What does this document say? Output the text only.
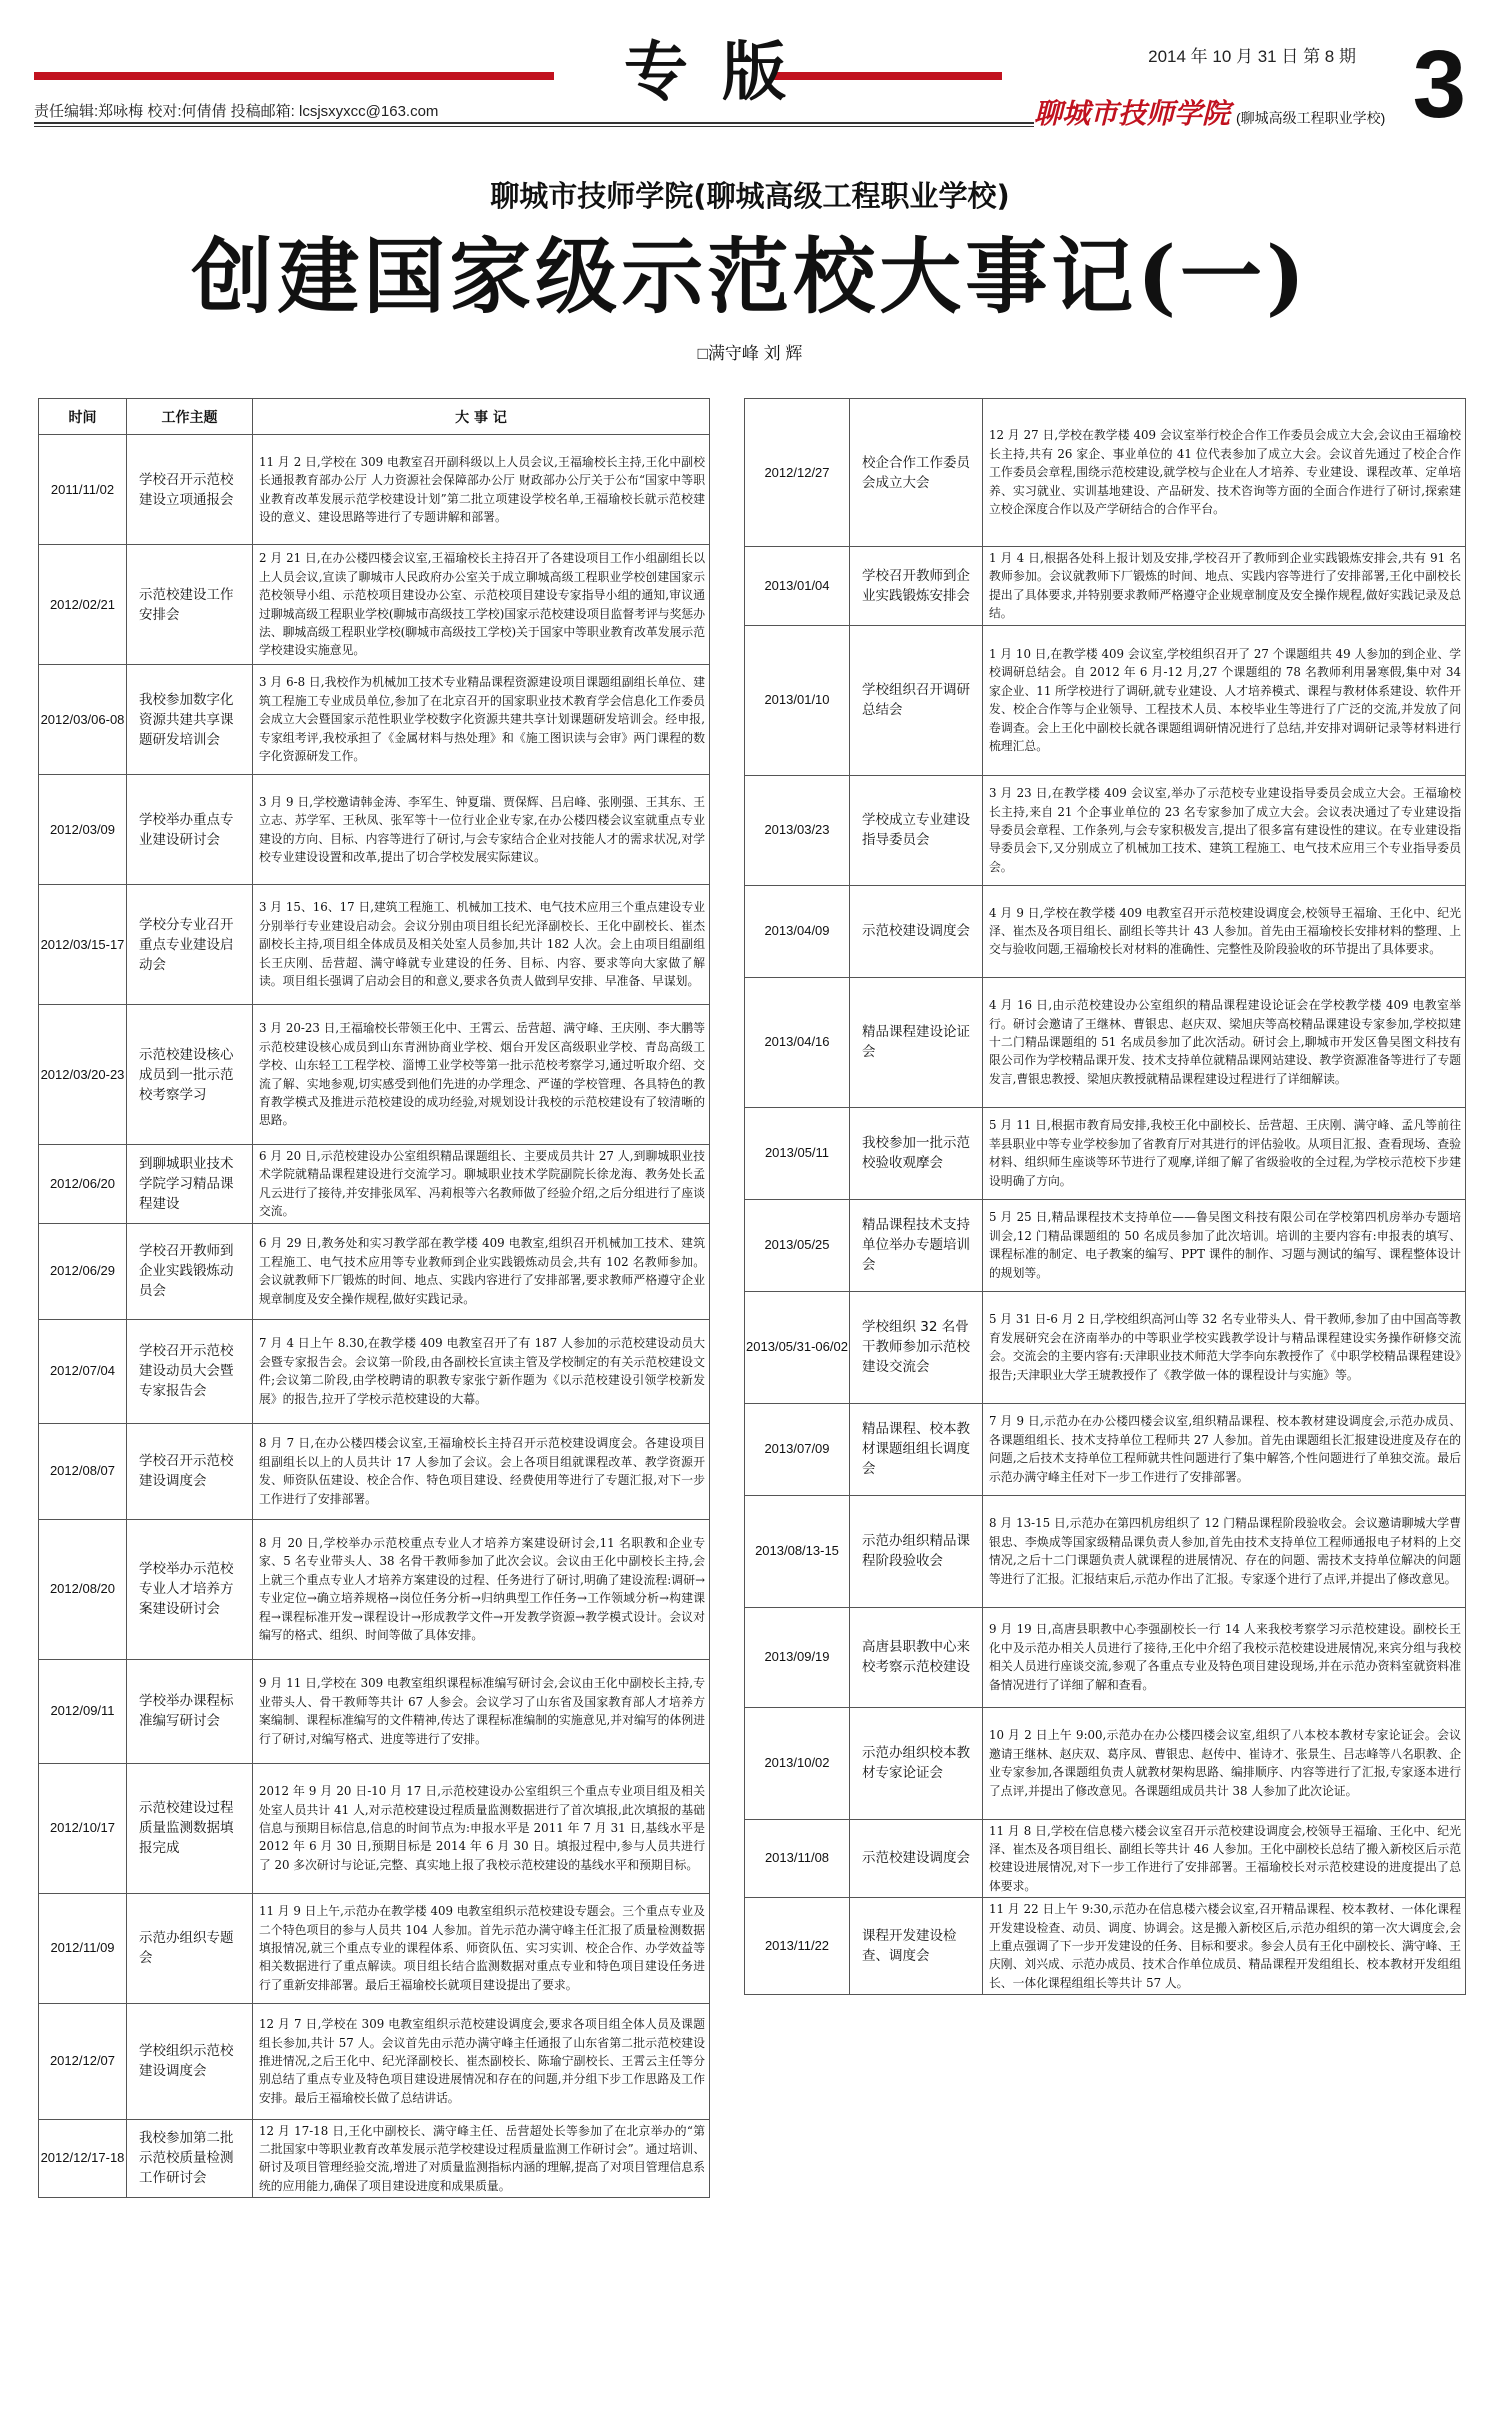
责任编辑:郑咏梅 校对:何倩倩 投稿邮箱: lcsjsxyxcc@163.com
专版	2014 年 10 月 31 日 第 8 期 3
聊城市技师学院 (聊城高级工程职业学校)
聊城市技师学院(聊城高级工程职业学校)
创建国家级示范校大事记(一)
□满守峰 刘 辉
时间	工作主题	大 事 记
2011/11/02	学校召开示范校建设立项通报会	11 月 2 日,学校在 309 电教室召开副科级以上人员会议,王福瑜校长主持,王化中副校长通报教育部办公厅 人力资源社会保障部办公厅 财政部办公厅关于公布“国家中等职业教育改革发展示范学校建设计划”第二批立项建设学校名单,王福瑜校长就示范校建设的意义、建设思路等进行了专题讲解和部署。
2012/02/21	示范校建设工作安排会	2 月 21 日,在办公楼四楼会议室,王福瑜校长主持召开了各建设项目工作小组副组长以上人员会议,宣读了聊城市人民政府办公室关于成立聊城高级工程职业学校创建国家示范校领导小组、示范校项目建设办公室、示范校项目建设专家指导小组的通知,审议通过聊城高级工程职业学校(聊城市高级技工学校)国家示范校建设项目监督考评与奖惩办法、聊城高级工程职业学校(聊城市高级技工学校)关于国家中等职业教育改革发展示范学校建设实施意见。
2012/03/06-08	我校参加数字化资源共建共享课题研发培训会	3 月 6-8 日,我校作为机械加工技术专业精品课程资源建设项目课题组副组长单位、建筑工程施工专业成员单位,参加了在北京召开的国家职业技术教育学会信息化工作委员会成立大会暨国家示范性职业学校数字化资源共建共享计划课题研发培训会。经申报,专家组考评,我校承担了《金属材料与热处理》和《施工图识读与会审》两门课程的数字化资源研发工作。
2012/03/09	学校举办重点专业建设研讨会	3 月 9 日,学校邀请韩金涛、李军生、钟夏瑞、贾保辉、吕启峰、张刚强、王其东、王立志、苏学军、王秋凤、张军等十一位行业企业专家,在办公楼四楼会议室就重点专业建设的方向、目标、内容等进行了研讨,与会专家结合企业对技能人才的需求状况,对学校专业建设设置和改革,提出了切合学校发展实际建议。
2012/03/15-17	学校分专业召开重点专业建设启动会	3 月 15、16、17 日,建筑工程施工、机械加工技术、电气技术应用三个重点建设专业分别举行专业建设启动会。会议分别由项目组长纪光泽副校长、王化中副校长、崔杰副校长主持,项目组全体成员及相关处室人员参加,共计 182 人次。会上由项目组副组长王庆刚、岳营超、满守峰就专业建设的任务、目标、内容、要求等向大家做了解读。项目组长强调了启动会目的和意义,要求各负责人做到早安排、早准备、早谋划。
2012/03/20-23	示范校建设核心成员到一批示范校考察学习	3 月 20-23 日,王福瑜校长带领王化中、王霄云、岳营超、满守峰、王庆刚、李大鹏等示范校建设核心成员到山东青洲协商业学校、烟台开发区高级职业学校、青岛高级工学校、山东轻工工程学校、淄博工业学校等第一批示范校考察学习,通过听取介绍、交流了解、实地参观,切实感受到他们先进的办学理念、严谨的学校管理、各具特色的教育教学模式及推进示范校建设的成功经验,对规划设计我校的示范校建设有了较清晰的思路。
2012/06/20	到聊城职业技术学院学习精品课程建设	6 月 20 日,示范校建设办公室组织精品课题组长、主要成员共计 27 人,到聊城职业技术学院就精品课程建设进行交流学习。聊城职业技术学院副院长徐龙海、教务处长孟凡云进行了接待,并安排张凤军、冯莉根等六名教师做了经验介绍,之后分组进行了座谈交流。
2012/06/29	学校召开教师到企业实践锻炼动员会	6 月 29 日,教务处和实习教学部在教学楼 409 电教室,组织召开机械加工技术、建筑工程施工、电气技术应用等专业教师到企业实践锻炼动员会,共有 102 名教师参加。会议就教师下厂锻炼的时间、地点、实践内容进行了安排部署,要求教师严格遵守企业规章制度及安全操作规程,做好实践记录。
2012/07/04	学校召开示范校建设动员大会暨专家报告会	7 月 4 日上午 8.30,在教学楼 409 电教室召开了有 187 人参加的示范校建设动员大会暨专家报告会。会议第一阶段,由各副校长宣读主管及学校制定的有关示范校建设文件;会议第二阶段,由学校聘请的职教专家张宁新作题为《以示范校建设引领学校新发展》的报告,拉开了学校示范校建设的大幕。
2012/08/07	学校召开示范校建设调度会	8 月 7 日,在办公楼四楼会议室,王福瑜校长主持召开示范校建设调度会。各建设项目组副组长以上的人员共计 17 人参加了会议。会上各项目组就课程改革、教学资源开发、师资队伍建设、校企合作、特色项目建设、经费使用等进行了专题汇报,对下一步工作进行了安排部署。
2012/08/20	学校举办示范校专业人才培养方案建设研讨会	8 月 20 日,学校举办示范校重点专业人才培养方案建设研讨会,11 名职教和企业专家、5 名专业带头人、38 名骨干教师参加了此次会议。会议由王化中副校长主持,会上就三个重点专业人才培养方案建设的过程、任务进行了研讨,明确了建设流程:调研→专业定位→确立培养规格→岗位任务分析→归纳典型工作任务→工作领域分析→构建课程→课程标准开发→课程设计→形成教学文件→开发教学资源→教学模式设计。会议对编写的格式、组织、时间等做了具体安排。
2012/09/11	学校举办课程标准编写研讨会	9 月 11 日,学校在 309 电教室组织课程标准编写研讨会,会议由王化中副校长主持,专业带头人、骨干教师等共计 67 人参会。会议学习了山东省及国家教育部人才培养方案编制、课程标准编写的文件精神,传达了课程标准编制的实施意见,并对编写的体例进行了研讨,对编写格式、进度等进行了安排。
2012/10/17	示范校建设过程质量监测数据填报完成	2012 年 9 月 20 日-10 月 17 日,示范校建设办公室组织三个重点专业项目组及相关处室人员共计 41 人,对示范校建设过程质量监测数据进行了首次填报,此次填报的基础信息与预期目标信息,信息的时间节点为:申报水平是 2011 年 7 月 31 日,基线水平是 2012 年 6 月 30 日,预期目标是 2014 年 6 月 30 日。填报过程中,参与人员共进行了 20 多次研讨与论证,完整、真实地上报了我校示范校建设的基线水平和预期目标。
2012/11/09	示范办组织专题会	11 月 9 日上午,示范办在教学楼 409 电教室组织示范校建设专题会。三个重点专业及二个特色项目的参与人员共 104 人参加。首先示范办满守峰主任汇报了质量检测数据填报情况,就三个重点专业的课程体系、师资队伍、实习实训、校企合作、办学效益等相关数据进行了重点解读。项目组长结合监测数据对重点专业和特色项目建设任务进行了重新安排部署。最后王福瑜校长就项目建设提出了要求。
2012/12/07	学校组织示范校建设调度会	12 月 7 日,学校在 309 电教室组织示范校建设调度会,要求各项目组全体人员及课题组长参加,共计 57 人。会议首先由示范办满守峰主任通报了山东省第二批示范校建设推进情况,之后王化中、纪光泽副校长、崔杰副校长、陈瑜宁副校长、王霄云主任等分别总结了重点专业及特色项目建设进展情况和存在的问题,并分组下步工作思路及工作安排。最后王福瑜校长做了总结讲话。
2012/12/17-18	我校参加第二批示范校质量检测工作研讨会	12 月 17-18 日,王化中副校长、满守峰主任、岳营超处长等参加了在北京举办的“第二批国家中等职业教育改革发展示范学校建设过程质量监测工作研讨会”。通过培训、研讨及项目管理经验交流,增进了对质量监测指标内涵的理解,提高了对项目管理信息系统的应用能力,确保了项目建设进度和成果质量。
2012/12/27	校企合作工作委员会成立大会	12 月 27 日,学校在教学楼 409 会议室举行校企合作工作委员会成立大会,会议由王福瑜校长主持,共有 26 家企、事业单位的 41 位代表参加了成立大会。会议首先通过了校企合作工作委员会章程,围绕示范校建设,就学校与企业在人才培养、专业建设、课程改革、定单培养、实习就业、实训基地建设、产品研发、技术咨询等方面的全面合作进行了研讨,探索建立校企深度合作以及产学研结合的合作平台。
2013/01/04	学校召开教师到企业实践锻炼安排会	1 月 4 日,根据各处科上报计划及安排,学校召开了教师到企业实践锻炼安排会,共有 91 名教师参加。会议就教师下厂锻炼的时间、地点、实践内容等进行了安排部署,王化中副校长提出了具体要求,并特别要求教师严格遵守企业规章制度及安全操作规程,做好实践记录及总结。
2013/01/10	学校组织召开调研总结会	1 月 10 日,在教学楼 409 会议室,学校组织召开了 27 个课题组共 49 人参加的到企业、学校调研总结会。自 2012 年 6 月-12 月,27 个课题组的 78 名教师利用暑寒假,集中对 34 家企业、11 所学校进行了调研,就专业建设、人才培养模式、课程与教材体系建设、软件开发、校企合作等与企业领导、工程技术人员、本校毕业生等进行了广泛的交流,并发放了问卷调查。会上王化中副校长就各课题组调研情况进行了总结,并安排对调研记录等材料进行梳理汇总。
2013/03/23	学校成立专业建设指导委员会	3 月 23 日,在教学楼 409 会议室,举办了示范校专业建设指导委员会成立大会。王福瑜校长主持,来自 21 个企事业单位的 23 名专家参加了成立大会。会议表决通过了专业建设指导委员会章程、工作条列,与会专家积极发言,提出了很多富有建设性的建议。在专业建设指导委员会下,又分别成立了机械加工技术、建筑工程施工、电气技术应用三个专业指导委员会。
2013/04/09	示范校建设调度会	4 月 9 日,学校在教学楼 409 电教室召开示范校建设调度会,校领导王福瑜、王化中、纪光泽、崔杰及各项目组长、副组长等共计 43 人参加。首先由王福瑜校长安排材料的整理、上交与验收问题,王福瑜校长对材料的准确性、完整性及阶段验收的环节提出了具体要求。
2013/04/16	精品课程建设论证会	4 月 16 日,由示范校建设办公室组织的精品课程建设论证会在学校教学楼 409 电教室举行。研讨会邀请了王继林、曹银忠、赵庆双、梁旭庆等高校精品课建设专家参加,学校拟建十二门精品课题组的 51 名成员参加了此次活动。研讨会上,聊城市开发区鲁吴图文科技有限公司作为学校精品课开发、技术支持单位就精品课网站建设、教学资源准备等进行了专题发言,曹银忠教授、梁旭庆教授就精品课程建设过程进行了详细解读。
2013/05/11	我校参加一批示范校验收观摩会	5 月 11 日,根据市教育局安排,我校王化中副校长、岳营超、王庆刚、满守峰、孟凡等前往莘县职业中等专业学校参加了省教育厅对其进行的评估验收。从项目汇报、查看现场、查验材料、组织师生座谈等环节进行了观摩,详细了解了省级验收的全过程,为学校示范校下步建设明确了方向。
2013/05/25	精品课程技术支持单位举办专题培训会	5 月 25 日,精品课程技术支持单位——鲁吴图文科技有限公司在学校第四机房举办专题培训会,12 门精品课题组的 50 名成员参加了此次培训。培训的主要内容有:申报表的填写、课程标准的制定、电子教案的编写、PPT 课件的制作、习题与测试的编写、课程整体设计的规划等。
2013/05/31-06/02	学校组织 32 名骨干教师参加示范校建设交流会	5 月 31 日-6 月 2 日,学校组织高河山等 32 名专业带头人、骨干教师,参加了由中国高等教育发展研究会在济南举办的中等职业学校实践教学设计与精品课程建设实务操作研修交流会。交流会的主要内容有:天津职业技术师范大学李向东教授作了《中职学校精品课程建设》报告;天津职业大学王琥教授作了《教学做一体的课程设计与实施》等。
2013/07/09	精品课程、校本教材课题组组长调度会	7 月 9 日,示范办在办公楼四楼会议室,组织精品课程、校本教材建设调度会,示范办成员、各课题组组长、技术支持单位工程师共 27 人参加。首先由课题组长汇报建设进度及存在的问题,之后技术支持单位工程师就共性问题进行了集中解答,个性问题进行了单独交流。最后示范办满守峰主任对下一步工作进行了安排部署。
2013/08/13-15	示范办组织精品课程阶段验收会	8 月 13-15 日,示范办在第四机房组织了 12 门精品课程阶段验收会。会议邀请聊城大学曹银忠、李焕成等国家级精品课负责人参加,首先由技术支持单位工程师通报电子材料的上交情况,之后十二门课题负责人就课程的进展情况、存在的问题、需技术支持单位解决的问题等进行了汇报。汇报结束后,示范办作出了汇报。专家逐个进行了点评,并提出了修改意见。
2013/09/19	高唐县职教中心来校考察示范校建设	9 月 19 日,高唐县职教中心李强副校长一行 14 人来我校考察学习示范校建设。副校长王化中及示范办相关人员进行了接待,王化中介绍了我校示范校建设进展情况,来宾分组与我校相关人员进行座谈交流,参观了各重点专业及特色项目建设现场,并在示范办资料室就资料准备情况进行了详细了解和查看。
2013/10/02	示范办组织校本教材专家论证会	10 月 2 日上午 9:00,示范办在办公楼四楼会议室,组织了八本校本教材专家论证会。会议邀请王继林、赵庆双、葛序凤、曹银忠、赵传中、崔诗才、张景生、吕志峰等八名职教、企业专家参加,各课题组负责人就教材架构思路、编排顺序、内容等进行了汇报,专家逐本进行了点评,并提出了修改意见。各课题组成员共计 38 人参加了此次论证。
2013/11/08	示范校建设调度会	11 月 8 日,学校在信息楼六楼会议室召开示范校建设调度会,校领导王福瑜、王化中、纪光泽、崔杰及各项目组长、副组长等共计 46 人参加。王化中副校长总结了搬入新校区后示范校建设进展情况,对下一步工作进行了安排部署。王福瑜校长对示范校建设的进度提出了总体要求。
2013/11/22	课程开发建设检查、调度会	11 月 22 日上午 9:30,示范办在信息楼六楼会议室,召开精品课程、校本教材、一体化课程开发建设检查、动员、调度、协调会。这是搬入新校区后,示范办组织的第一次大调度会,会上重点强调了下一步开发建设的任务、目标和要求。参会人员有王化中副校长、满守峰、王庆刚、刘兴成、示范办成员、技术合作单位成员、精品课程开发组组长、校本教材开发组组长、一体化课程组组长等共计 57 人。
